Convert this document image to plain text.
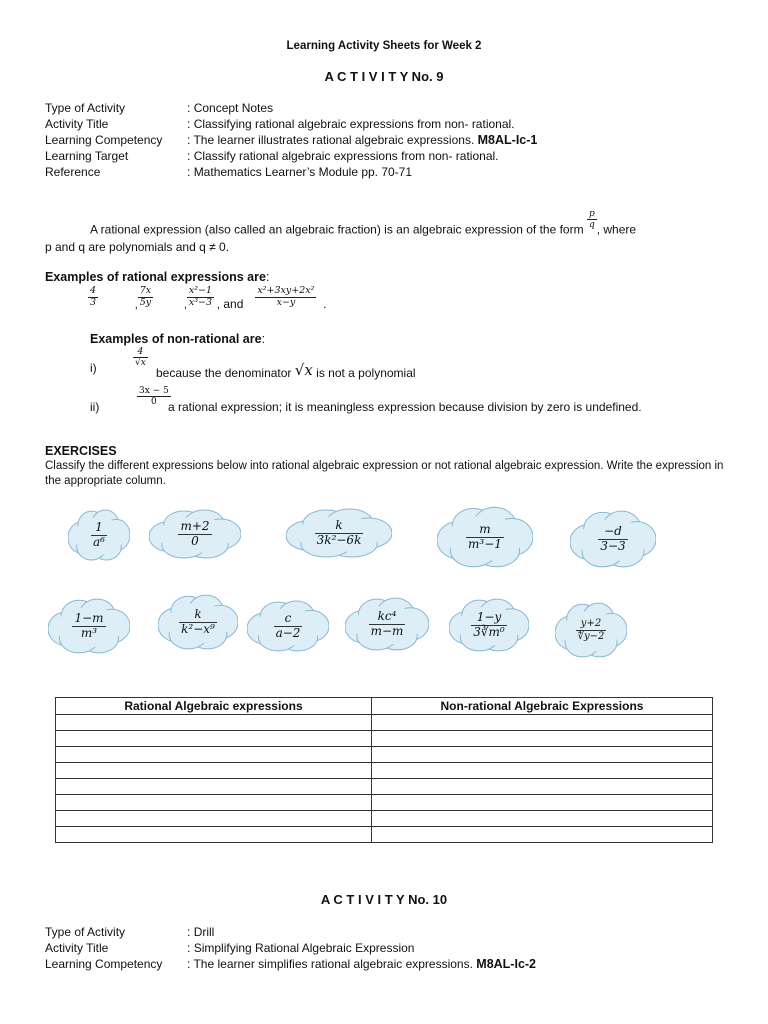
Learning Activity Sheets for Week 2
A C T I V I T Y No. 9
Type of Activity	: Concept Notes
Activity Title	: Classifying rational algebraic expressions from non- rational.
Learning Competency : The learner illustrates rational algebraic expressions. M8AL-Ic-1
Learning Target	: Classify rational algebraic expressions from non- rational.
Reference	: Mathematics Learner’s Module pp. 70-71
A rational expression (also called an algebraic fraction) is an algebraic expression of the form $\frac{p}{q}$ , where
p and q are polynomials and q ≠ 0.
Examples of rational expressions are:
$\frac{4}{3}$	, $\frac{7x}{5y}$	, $\frac{\text{x²−1}}{\text{x³−3}}$ , and $\frac{\text{x²+3xy+2x²}}{x-y}$ .
Examples of non-rational are:
i)	$\frac{4}{√x}$
because the denominator √x is not a polynomial
ii)	$\frac{3x - 5}{0}$
a rational expression; it is meaningless expression because division by zero is undefined.
EXERCISES
Classify the different expressions below into rational algebraic expression or not rational algebraic expression. Write the expression in the appropriate column.
$\frac{1}{\text{a⁶}}$	$\frac{m+2}{0}$	$\frac{k}{\text{3k²−6k}}$	$\frac{m}{\text{m³−1}}$	$\frac{-d}{3-3}$
$\frac{1-m}{\text{m³}}$	$\frac{k}{\text{k²−x⁹}}$	$\frac{c}{a-2}$	$\frac{\text{kc⁴}}{m-m}$	$\frac{1-y}{\text{3∛m⁰}}$	$\frac{y+2}{∜y-2}$
Rational Algebraic expressions	Non-rational Algebraic Expressions

A C T I V I T Y No. 10
Type of Activity	: Drill
Activity Title	: Simplifying Rational Algebraic Expression
Learning Competency : The learner simplifies rational algebraic expressions. M8AL-Ic-2
